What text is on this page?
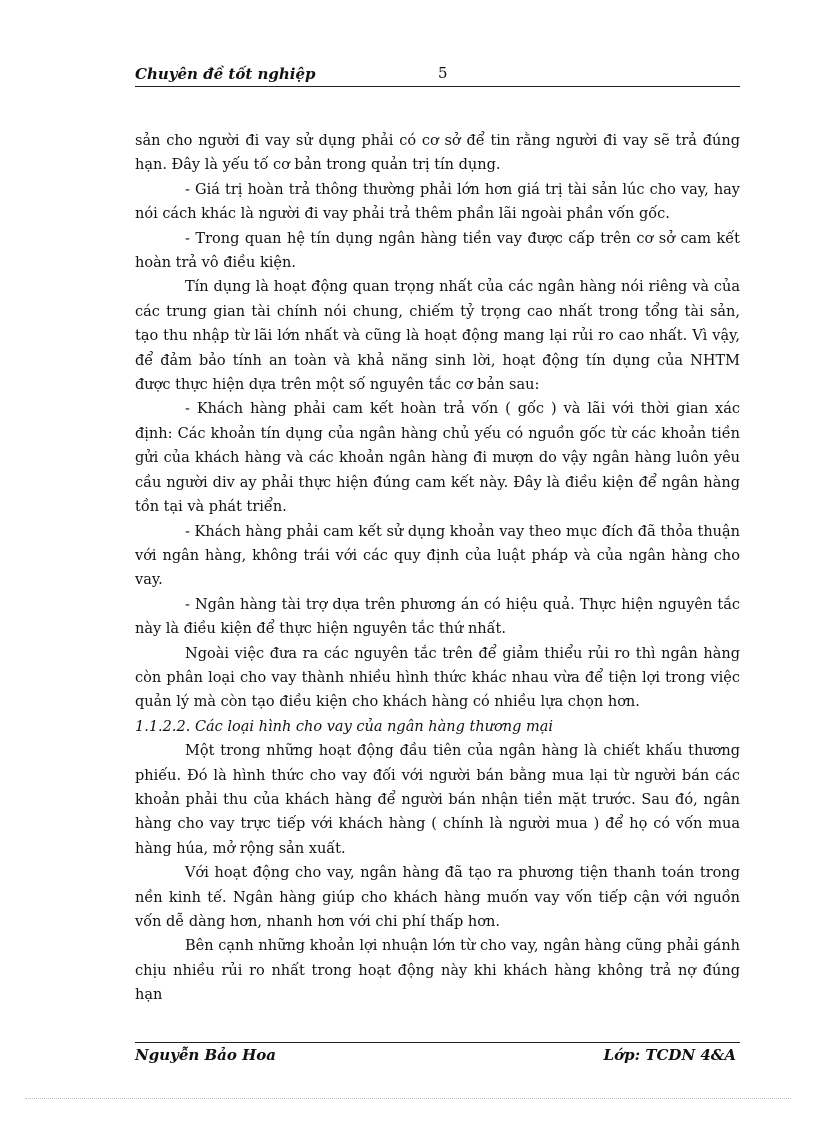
Chuyên đề tốt nghiệp	5

sản cho người đi vay sử dụng phải có cơ sở để tin rằng người đi vay sẽ trả đúng hạn. Đây là yếu tố cơ bản trong quản trị tín dụng.

- Giá trị hoàn trả thông thường phải lớn hơn giá trị tài sản lúc cho vay, hay nói cách khác là người đi vay phải trả thêm phần lãi ngoài phần vốn gốc.

- Trong quan hệ tín dụng ngân hàng tiền vay được cấp trên cơ sở cam kết hoàn trả vô điều kiện.

Tín dụng là hoạt động quan trọng nhất của các ngân hàng nói riêng và của các trung gian tài chính nói chung, chiếm tỷ trọng cao nhất trong tổng tài sản, tạo thu nhập từ lãi lớn nhất và cũng là hoạt động mang lại rủi ro cao nhất. Vì vậy, để đảm bảo tính an toàn và khả năng sinh lời, hoạt động tín dụng của NHTM được thực hiện dựa trên một số nguyên tắc cơ bản sau:

- Khách hàng phải cam kết hoàn trả vốn ( gốc ) và lãi với thời gian xác định: Các khoản tín dụng của ngân hàng chủ yếu có nguồn gốc từ các khoản tiền gửi của khách hàng và các khoản ngân hàng đi mượn do vậy ngân hàng luôn yêu cầu người div ay phải thực hiện đúng cam kết này. Đây là điều kiện để ngân hàng tồn tại và phát triển.

- Khách hàng phải cam kết sử dụng khoản vay theo mục đích đã thỏa thuận với ngân hàng, không trái với các quy định của luật pháp và của ngân hàng cho vay.

- Ngân hàng tài trợ dựa trên phương án có hiệu quả. Thực hiện nguyên tắc này là điều kiện để thực hiện nguyên tắc thứ nhất.

Ngoài việc đưa ra các nguyên tắc trên để giảm thiểu rủi ro thì ngân hàng còn phân loại cho vay thành nhiều hình thức khác nhau vừa để tiện lợi trong việc quản lý mà còn tạo điều kiện cho khách hàng có nhiều lựa chọn hơn.

1.1.2.2. Các loại hình cho vay của ngân hàng thương mại

Một trong những hoạt động đầu tiên của ngân hàng là chiết khấu thương phiếu. Đó là hình thức cho vay đối với người bán bằng mua lại từ người bán các khoản phải thu của khách hàng để người bán nhận tiền mặt trước. Sau đó, ngân hàng cho vay trực tiếp với khách hàng ( chính là người mua ) để họ có vốn mua hàng húa, mở rộng sản xuất.

Với hoạt động cho vay, ngân hàng đã tạo ra phương tiện thanh toán trong nền kinh tế. Ngân hàng giúp cho khách hàng muốn vay vốn tiếp cận với nguồn vốn dễ dàng hơn, nhanh hơn với chi phí thấp hơn.

Bên cạnh những khoản lợi nhuận lớn từ cho vay, ngân hàng cũng phải gánh chịu nhiều rủi ro nhất trong hoạt động này khi khách hàng không trả nợ đúng hạn

Nguyễn Bảo Hoa	Lớp: TCDN 4&A
